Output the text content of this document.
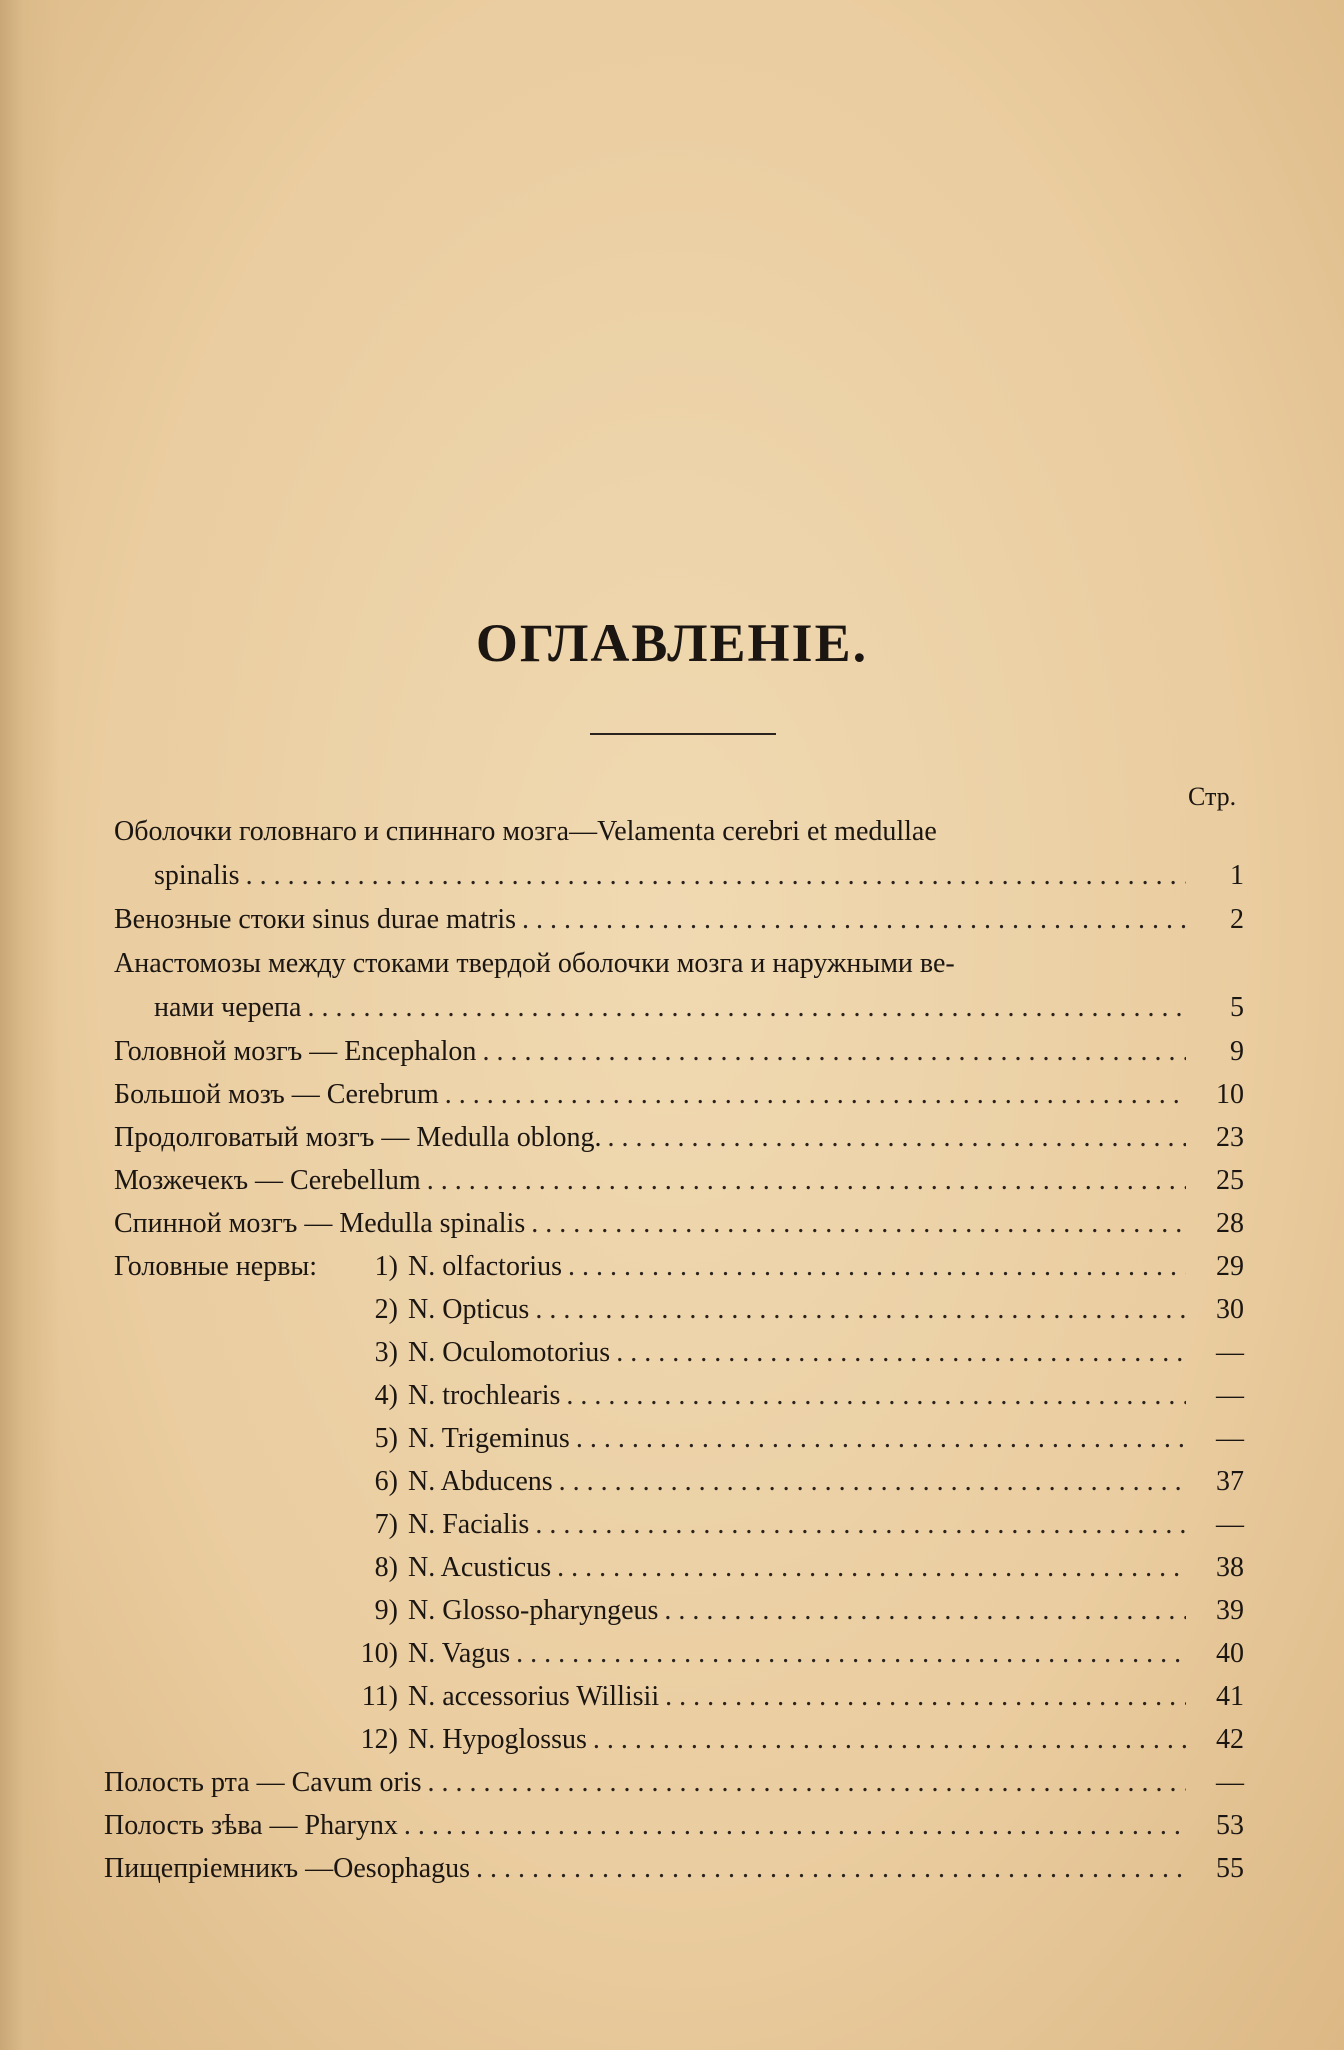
ОГЛАВЛЕНІЕ.
Стр.
Оболочки головнаго и спиннаго мозга—Velamenta cerebri et medullae
spinalis . . .	1
Венозные стоки sinus durae matris . . .	2
Анастомозы между стоками твердой оболочки мозга и наружными ве-
нами черепа . . .	5
Головной мозгъ — Encephalon . . .	9
Большой мозъ — Cerebrum . . .	10
Продолговатый мозгъ — Medulla oblong. . . .	23
Мозжечекъ — Cerebellum . . .	25
Спинной мозгъ — Medulla spinalis . . .	28
Головные нервы:	1) N. olfactorius . . .	29
2) N. Opticus . . .	30
3) N. Oculomotorius . . .	—
4) N. trochlearis . . .	—
5) N. Trigeminus . . .	—
6) N. Abducens . . .	37
7) N. Facialis . . .	—
8) N. Acusticus . . .	38
9) N. Glosso-pharyngeus . . .	39
10) N. Vagus . . .	40
11) N. accessorius Willisii . . .	41
12) N. Hypoglossus . . .	42
Полость рта — Cavum oris . . .	—
Полость зѣва — Pharynx . . .	53
Пищепріемникъ —Oesophagus . . .	55
